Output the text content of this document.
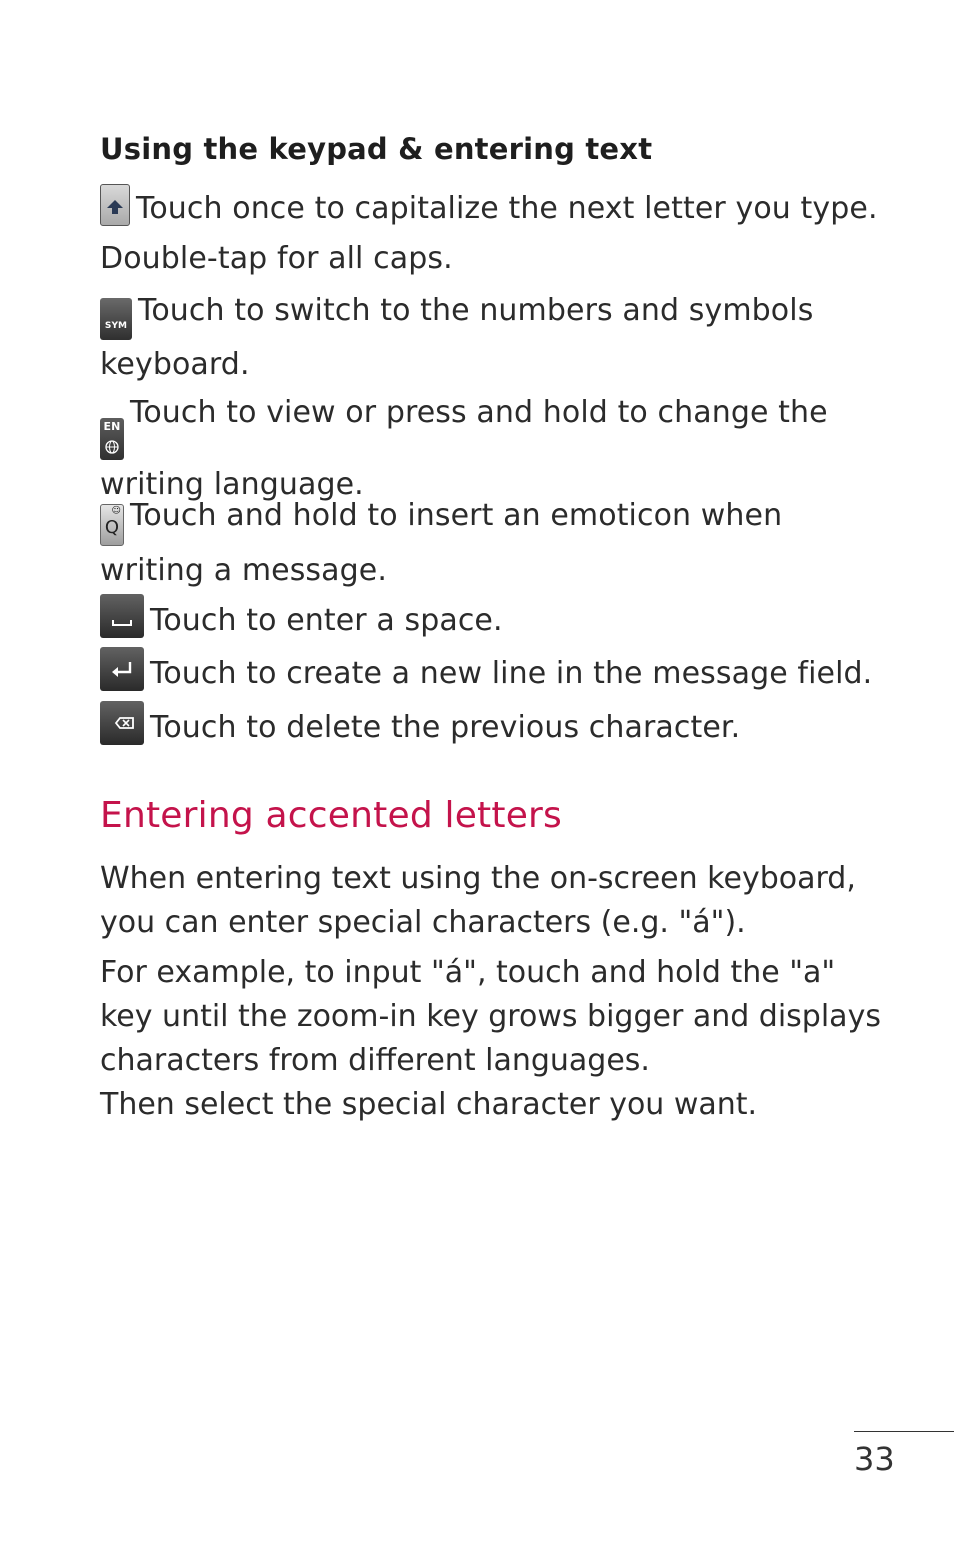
Using the keypad & entering text
Touch once to capitalize the next letter you type. Double-tap for all caps.
SYM Touch to switch to the numbers and symbols keyboard.
EN Touch to view or press and hold to change the writing language.
☺
Q Touch and hold to insert an emoticon when writing a message.
Touch to enter a space.
Touch to create a new line in the message field.
Touch to delete the previous character.
Entering accented letters
When entering text using the on-screen keyboard, you can enter special characters (e.g. "á").
For example, to input "á", touch and hold the "a" key until the zoom-in key grows bigger and displays characters from different languages.
Then select the special character you want.
33
